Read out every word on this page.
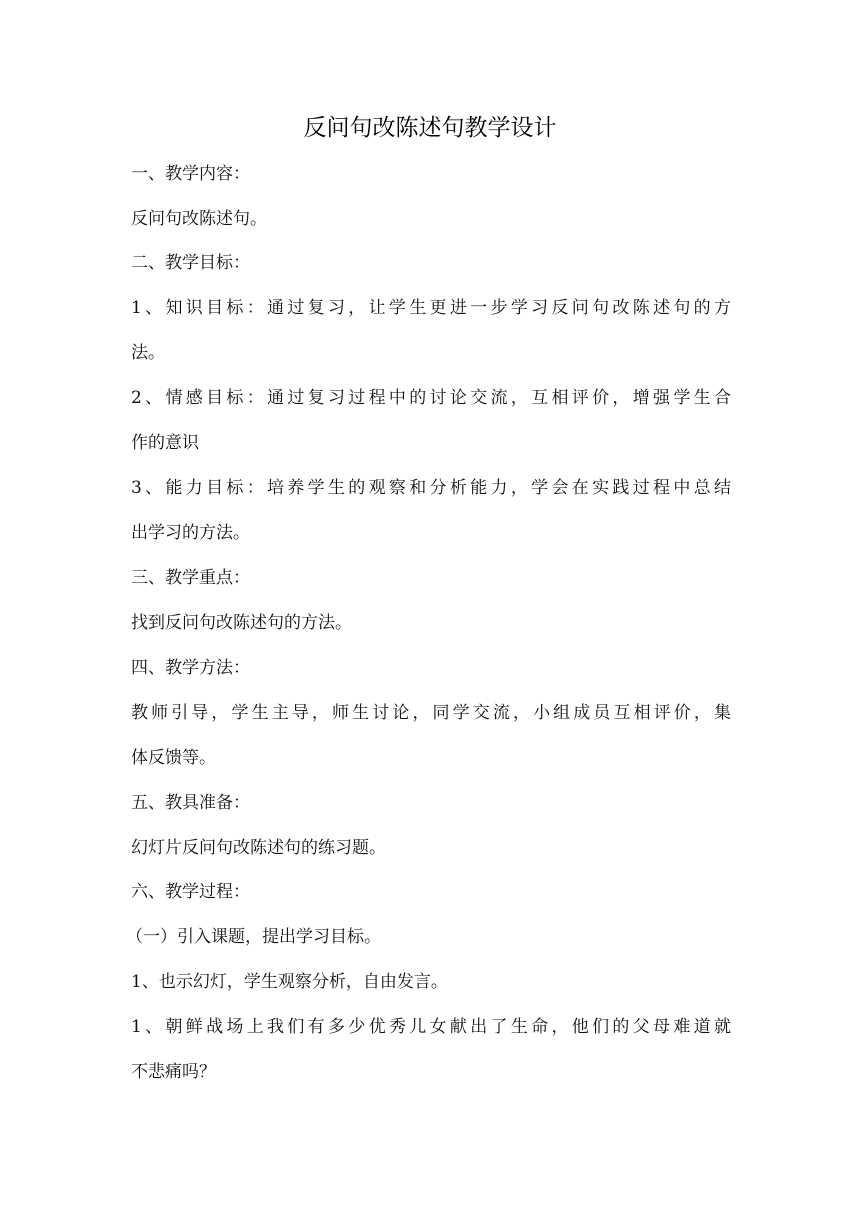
反问句改陈述句教学设计

一、教学内容：

反问句改陈述句。

二、教学目标：

1、知识目标：通过复习，让学生更进一步学习反问句改陈述句的方

法。

2、情感目标：通过复习过程中的讨论交流，互相评价，增强学生合

作的意识

3、能力目标：培养学生的观察和分析能力，学会在实践过程中总结

出学习的方法。

三、教学重点：

找到反问句改陈述句的方法。

四、教学方法：

教师引导，学生主导，师生讨论，同学交流，小组成员互相评价，集

体反馈等。

五、教具准备：

幻灯片反问句改陈述句的练习题。

六、教学过程：

（一）引入课题，提出学习目标。

1、也示幻灯，学生观察分析，自由发言。

1、朝鲜战场上我们有多少优秀儿女献出了生命，他们的父母难道就

不悲痛吗？
